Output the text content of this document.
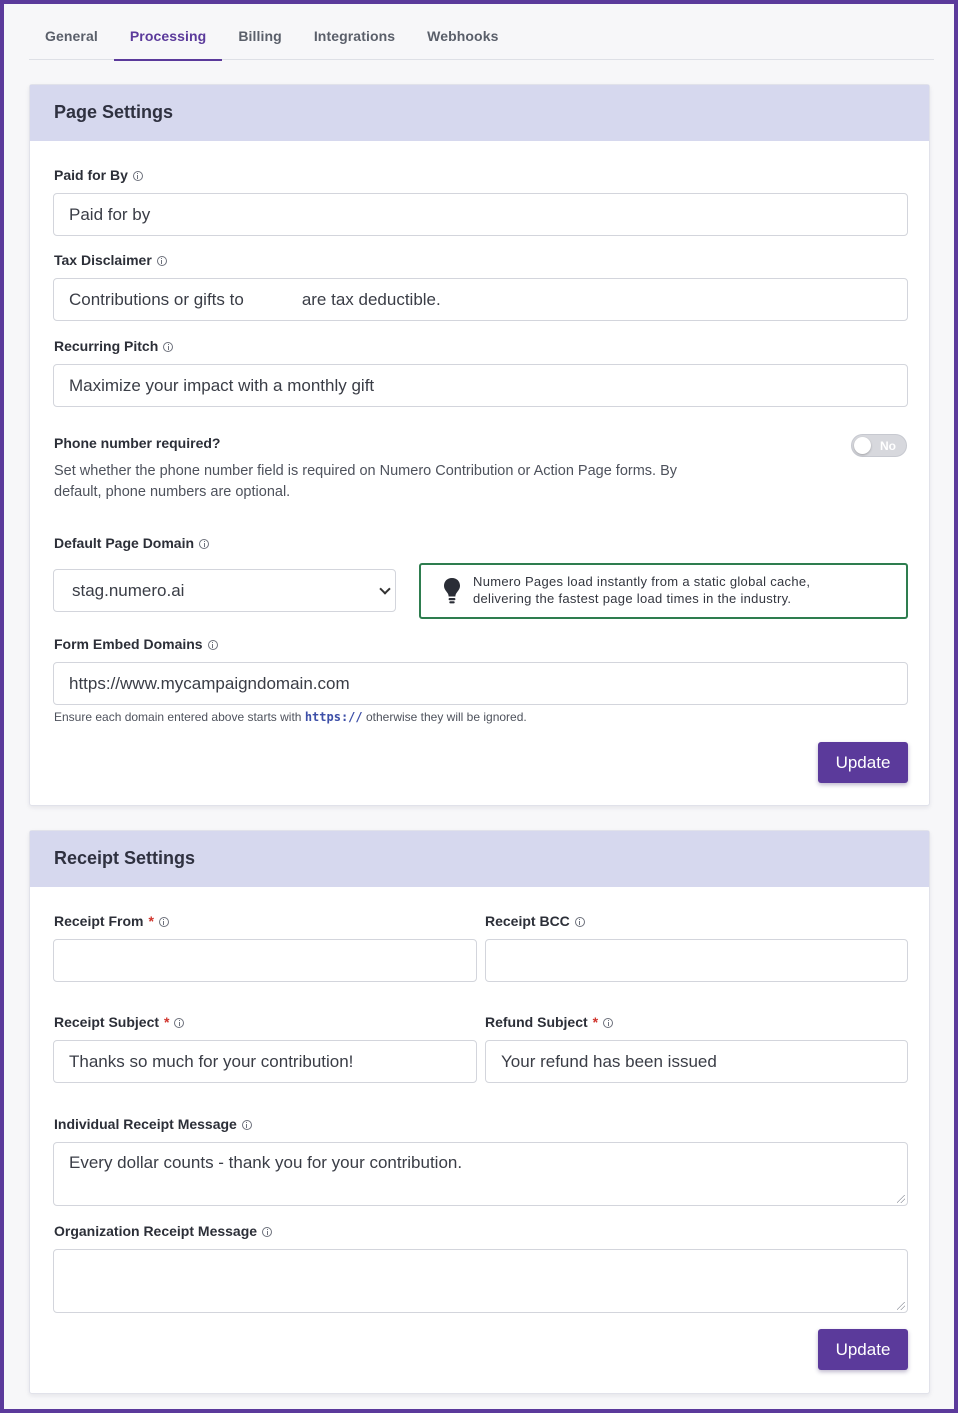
General	Processing	Billing	Integrations	Webhooks
Page Settings
Paid for By
Paid for by
Tax Disclaimer
Contributions or gifts to	are tax deductible.
Recurring Pitch
Maximize your impact with a monthly gift
Phone number required?	No
Set whether the phone number field is required on Numero Contribution or Action Page forms. By default, phone numbers are optional.
Default Page Domain
stag.numero.ai	Numero Pages load instantly from a static global cache, delivering the fastest page load times in the industry.
Form Embed Domains
https://www.mycampaigndomain.com
Ensure each domain entered above starts with https:// otherwise they will be ignored.
Update
Receipt Settings
Receipt From *	Receipt BCC
Receipt Subject *
Thanks so much for your contribution!
Refund Subject *
Your refund has been issued
Individual Receipt Message
Every dollar counts - thank you for your contribution.
Organization Receipt Message
Update
